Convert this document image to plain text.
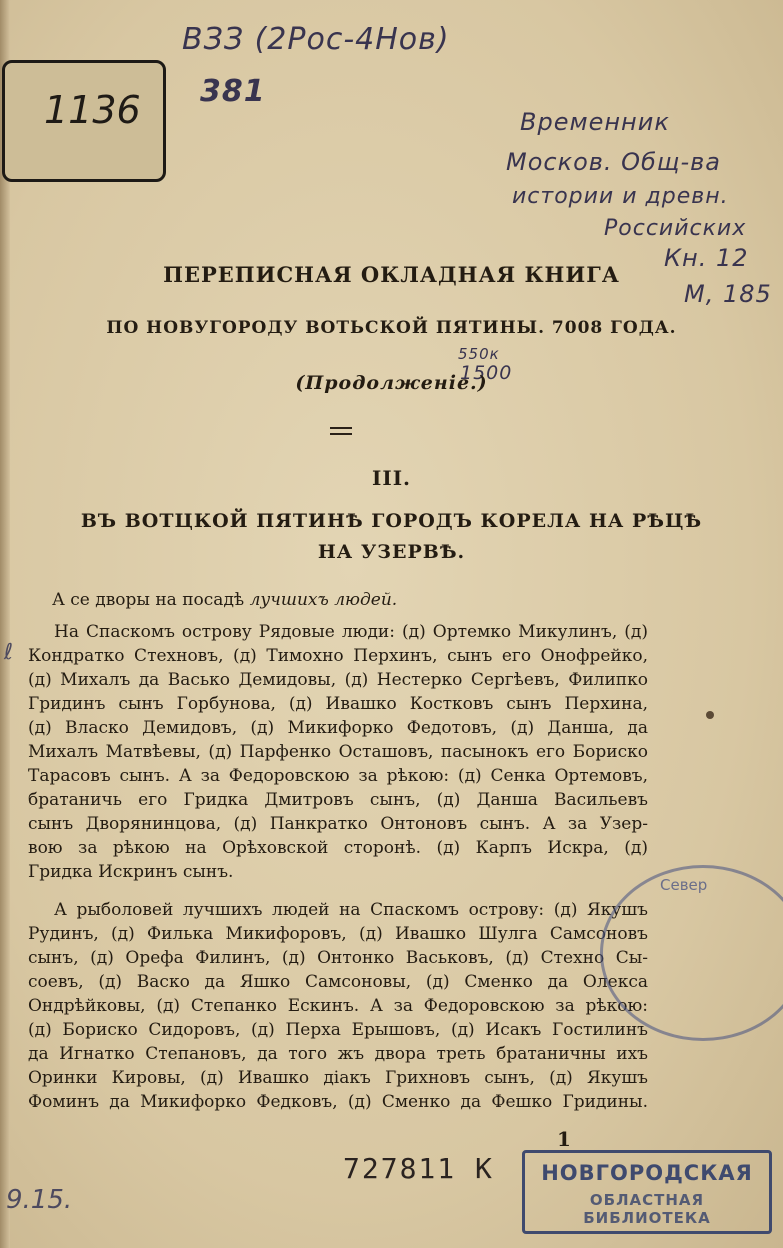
ВЗЗ (2Рос-4Нов)
381
1136	Временник
Москов. Общ-ва
истории и древн.
Российских
Кн. 12
М, 185
ПЕРЕПИСНАЯ ОКЛАДНАЯ КНИГА
ПО НОВУГОРОДУ ВОТЬСКОЙ ПЯТИНЫ. 7008 ГОДА.
550к
1500
(Продолженіе.)
III.
ВЪ ВОТЦКОЙ ПЯТИНѢ ГОРОДЪ КОРЕЛА НА РѢЦѢ
НА УЗЕРВѢ.
А се дворы на посадѣ лучшихъ людей.
На Спаскомъ острову Рядовые люди: (д) Ортемко Микулинъ, (д)
Кондратко Стехновъ, (д) Тимохно Перхинъ, сынъ его Онофрейко,
(д) Михалъ да Васько Демидовы, (д) Нестерко Сергѣевъ, Филипко
Гридинъ сынъ Горбунова, (д) Ивашко Костковъ сынъ Перхина,
(д) Власко Демидовъ, (д) Микифорко Федотовъ, (д) Данша, да
Михалъ Матвѣевы, (д) Парфенко Осташовъ, пасынокъ его Бориско
Тарасовъ сынъ. А за Федоровскою за рѣкою: (д) Сенка Ортемовъ,
братаничь его Гридка Дмитровъ сынъ, (д) Данша Васильевъ
сынъ Дворянинцова, (д) Панкратко Онтоновъ сынъ. А за Узер-
вою за рѣкою на Орѣховской сторонѣ. (д) Карпъ Искра, (д)
Гридка Искринъ сынъ.
А рыболовей лучшихъ людей на Спаскомъ острову: (д) Якушъ
Рудинъ, (д) Филька Микифоровъ, (д) Ивашко Шулга Самсоновъ
сынъ, (д) Орефа Филинъ, (д) Онтонко Васьковъ, (д) Стехно Сы-
соевъ, (д) Васко да Яшко Самсоновы, (д) Сменко да Олекса
Ондрѣйковы, (д) Степанко Ескинъ. А за Федоровскою за рѣкою:
(д) Бориско Сидоровъ, (д) Перха Ерышовъ, (д) Исакъ Гостилинъ
да Игнатко Степановъ, да того жъ двора треть братаничны ихъ
Оринки Кировы, (д) Ивашко дiакъ Грихновъ сынъ, (д) Якушъ
Фоминъ да Микифорко Федковъ, (д) Сменко да Фешко Гридины.
ℓ
Север
1
727811 К	НОВГОРОДСКАЯ
ОБЛАСТНАЯ БИБЛИОТЕКА
9.15.
